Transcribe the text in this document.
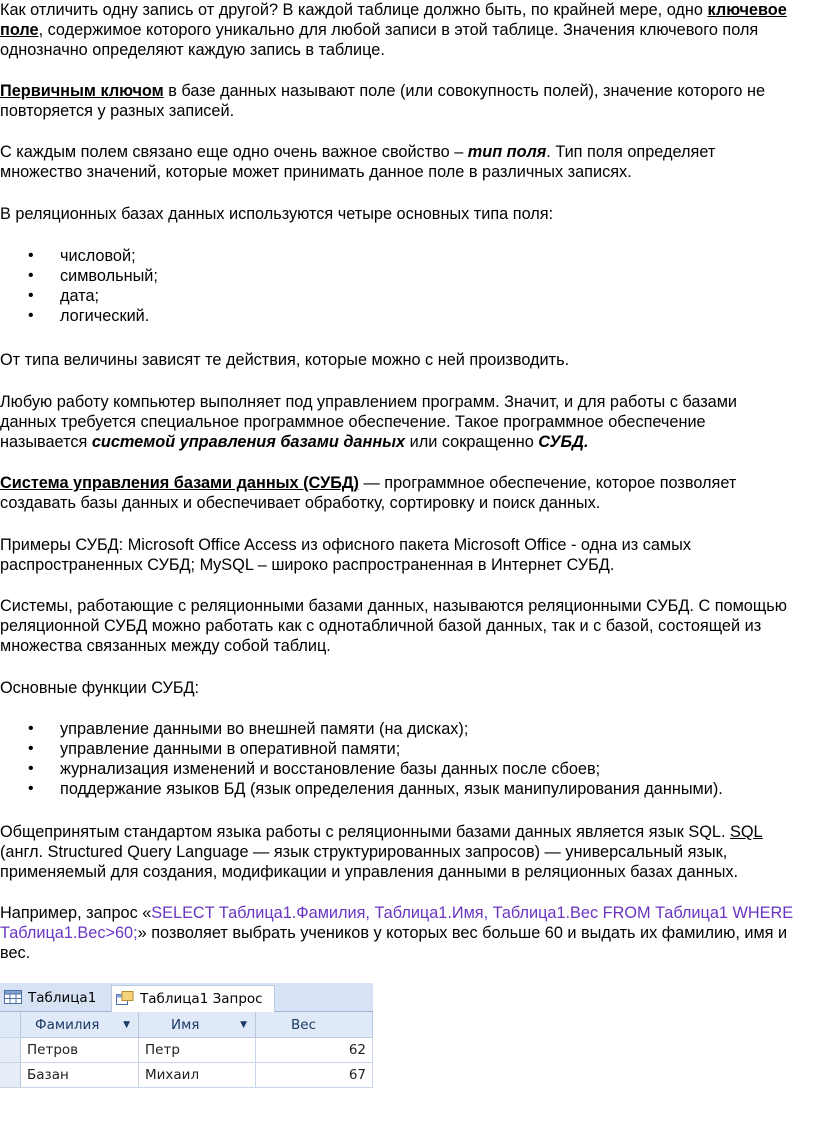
Как отличить одну запись от другой? В каждой таблице должно быть, по крайней мере, одно ключевое
поле, содержимое которого уникально для любой записи в этой таблице. Значения ключевого поля
однозначно определяют каждую запись в таблице.
Первичным ключом в базе данных называют поле (или совокупность полей), значение которого не
повторяется у разных записей.
С каждым полем связано еще одно очень важное свойство – тип поля. Тип поля определяет
множество значений, которые может принимать данное поле в различных записях.
В реляционных базах данных используются четыре основных типа поля:
• числовой;
• символьный;
• дата;
• логический.
От типа величины зависят те действия, которые можно с ней производить.
Любую работу компьютер выполняет под управлением программ. Значит, и для работы с базами
данных требуется специальное программное обеспечение. Такое программное обеспечение
называется системой управления базами данных или сокращенно СУБД.
Система управления базами данных (СУБД) — программное обеспечение, которое позволяет
создавать базы данных и обеспечивает обработку, сортировку и поиск данных.
Примеры СУБД: Microsoft Office Access из офисного пакета Microsoft Office - одна из самых
распространенных СУБД; MySQL – широко распространенная в Интернет СУБД.
Системы, работающие с реляционными базами данных, называются реляционными СУБД. С помощью
реляционной СУБД можно работать как с однотабличной базой данных, так и с базой, состоящей из
множества связанных между собой таблиц.
Основные функции СУБД:
• управление данными во внешней памяти (на дисках);
• управление данными в оперативной памяти;
• журнализация изменений и восстановление базы данных после сбоев;
• поддержание языков БД (язык определения данных, язык манипулирования данными).
Общепринятым стандартом языка работы с реляционными базами данных является язык SQL. SQL
(англ. Structured Query Language — язык структурированных запросов) — универсальный язык,
применяемый для создания, модификации и управления данными в реляционных базах данных.
Например, запрос «SELECT Таблица1.Фамилия, Таблица1.Имя, Таблица1.Вес FROM Таблица1 WHERE
Таблица1.Вес>60;» позволяет выбрать учеников у которых вес больше 60 и выдать их фамилию, имя и
вес.
Таблица1	Таблица1 Запрос
Фамилия	▼	Имя	▼	Вес
Петров	Петр	62
Базан	Михаил	67
